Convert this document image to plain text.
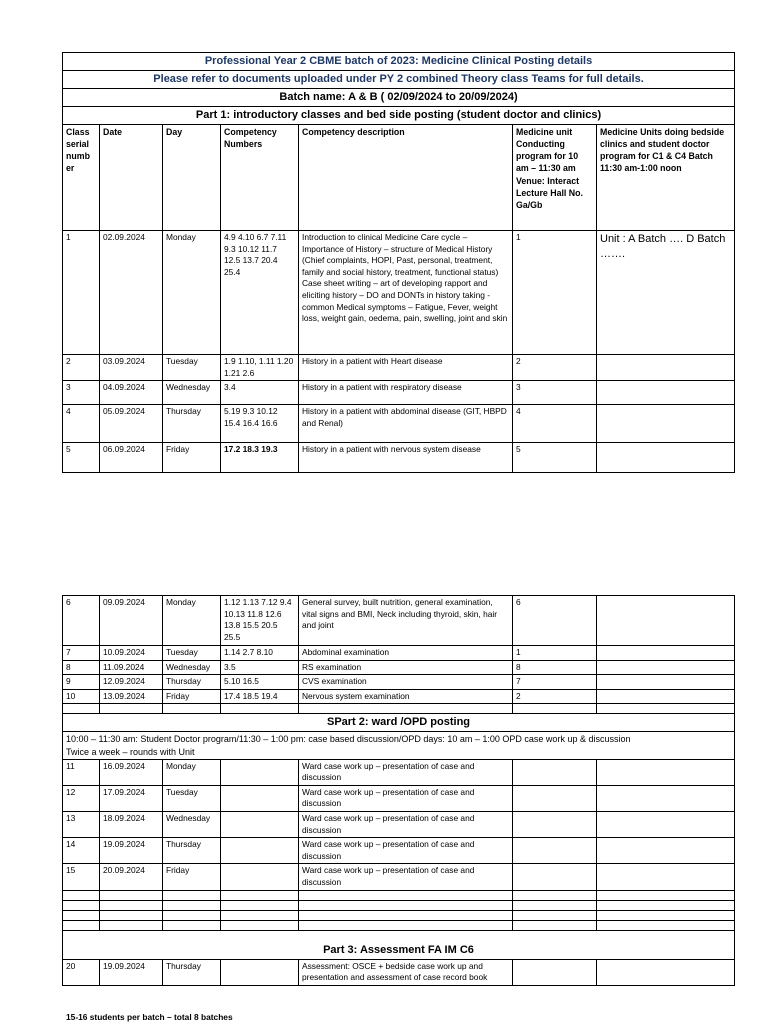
Professional Year 2 CBME batch of 2023: Medicine Clinical Posting details						
Please refer to documents uploaded under PY 2 combined Theory class Teams for full details.						
Batch name: A & B ( 02/09/2024 to 20/09/2024)						
Part 1: introductory classes and bed side posting (student doctor and clinics)						
Class serial numb er	Date	Day	Competency Numbers	Competency description	Medicine unit Conducting program for 10 am – 11:30 am Venue: Interact Lecture Hall No. Ga/Gb	Medicine Units doing bedside clinics and student doctor program for C1 & C4 Batch 11:30 am-1:00 noon
1	02.09.2024	Monday	4.9 4.10 6.7 7.11 9.3 10.12 11.7 12.5 13.7 20.4 25.4	Introduction to clinical Medicine Care cycle – Importance of History – structure of Medical History (Chief complaints, HOPI, Past, personal, treatment, family and social history, treatment, functional status) Case sheet writing – art of developing rapport and eliciting history – DO and DONTs in history taking - common Medical symptoms – Fatigue, Fever, weight loss, weight gain, oedema, pain, swelling, joint and skin	1	Unit : A Batch …. D Batch …….
2	03.09.2024	Tuesday	1.9 1.10, 1.11 1.20 1.21 2.6	History in a patient with Heart disease	2	
3	04.09.2024	Wednesday	3.4	History in a patient with respiratory disease	3	
4	05.09.2024	Thursday	5.19 9.3 10.12 15.4 16.4 16.6	History in a patient with abdominal disease (GIT, HBPD and Renal)	4	
5	06.09.2024	Friday	17.2 18.3 19.3	History in a patient with nervous system disease	5	
6	09.09.2024	Monday	1.12 1.13 7.12 9.4 10.13 11.8 12.6 13.8 15.5 20.5 25.5	General survey, built nutrition, general examination, vital signs and BMI, Neck including thyroid, skin, hair and joint	6	
7	10.09.2024	Tuesday	1.14 2.7 8.10	Abdominal examination	1	
8	11.09.2024	Wednesday	3.5	RS examination	8	
9	12.09.2024	Thursday	5.10 16.5	CVS examination	7	
10	13.09.2024	Friday	17.4 18.5 19.4	Nervous system examination	2	

SPart 2: ward /OPD posting						

10:00 – 11:30 am: Student Doctor program/11:30 – 1:00 pm: case based discussion/OPD days: 10 am – 1:00 OPD case work up & discussion
Twice a week – rounds with Unit						

11	16.09.2024	Monday		Ward case work up – presentation of case and discussion		
12	17.09.2024	Tuesday		Ward case work up – presentation of case and discussion		
13	18.09.2024	Wednesday		Ward case work up – presentation of case and discussion		
14	19.09.2024	Thursday		Ward case work up – presentation of case and discussion		
15	20.09.2024	Friday		Ward case work up – presentation of case and discussion		

Part 3: Assessment FA IM C6						
20	19.09.2024	Thursday		Assessment: OSCE + bedside case work up and presentation and assessment of case record book		
15-16 students per batch – total 8 batches
